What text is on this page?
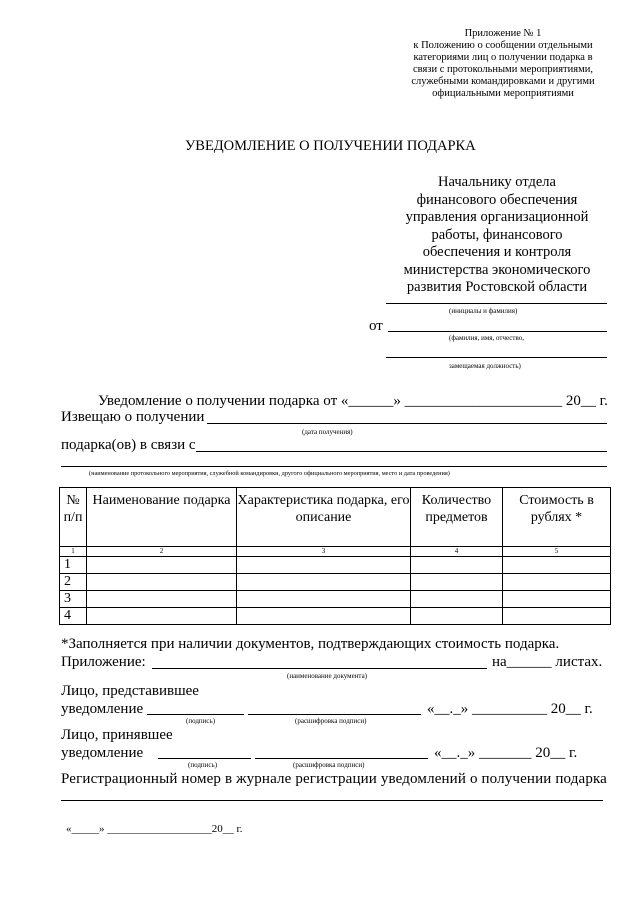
Приложение № 1
к Положению о сообщении отдельными
категориями лиц о получении подарка в
связи с протокольными мероприятиями,
служебными командировками и другими
официальными мероприятиями
УВЕДОМЛЕНИЕ О ПОЛУЧЕНИИ ПОДАРКА
Начальнику отдела
финансового обеспечения
управления организационной
работы, финансового
обеспечения и контроля
министерства экономического
развития Ростовской области
(инициалы и фамилия)
от
(фамилия, имя, отчество,
замещаемая должность)
Уведомление о получении подарка от «______» _____________________ 20__ г.
Извещаю о получении
(дата получения)
подарка(ов) в связи с
(наименование протокольного мероприятия, служебной командировки, другого официального мероприятия, место и дата проведения)
№ п/п	Наименование подарка	Характеристика подарка, его описание	Количество предметов	Стоимость в рублях *
1	2	3	4	5
1				
2				
3				
4				
*Заполняется при наличии документов, подтверждающих стоимость подарка.
Приложение:	на______ листах.
(наименование документа)
Лицо, представившее
уведомление	«__._» __________ 20__ г.
(подпись)	(расшифровка подписи)
Лицо, принявшее
уведомление	«__._» _______ 20__ г.
(подпись)	(расшифровка подписи)
Регистрационный номер в журнале регистрации уведомлений о получении подарка
«_____» ___________________20__ г.
